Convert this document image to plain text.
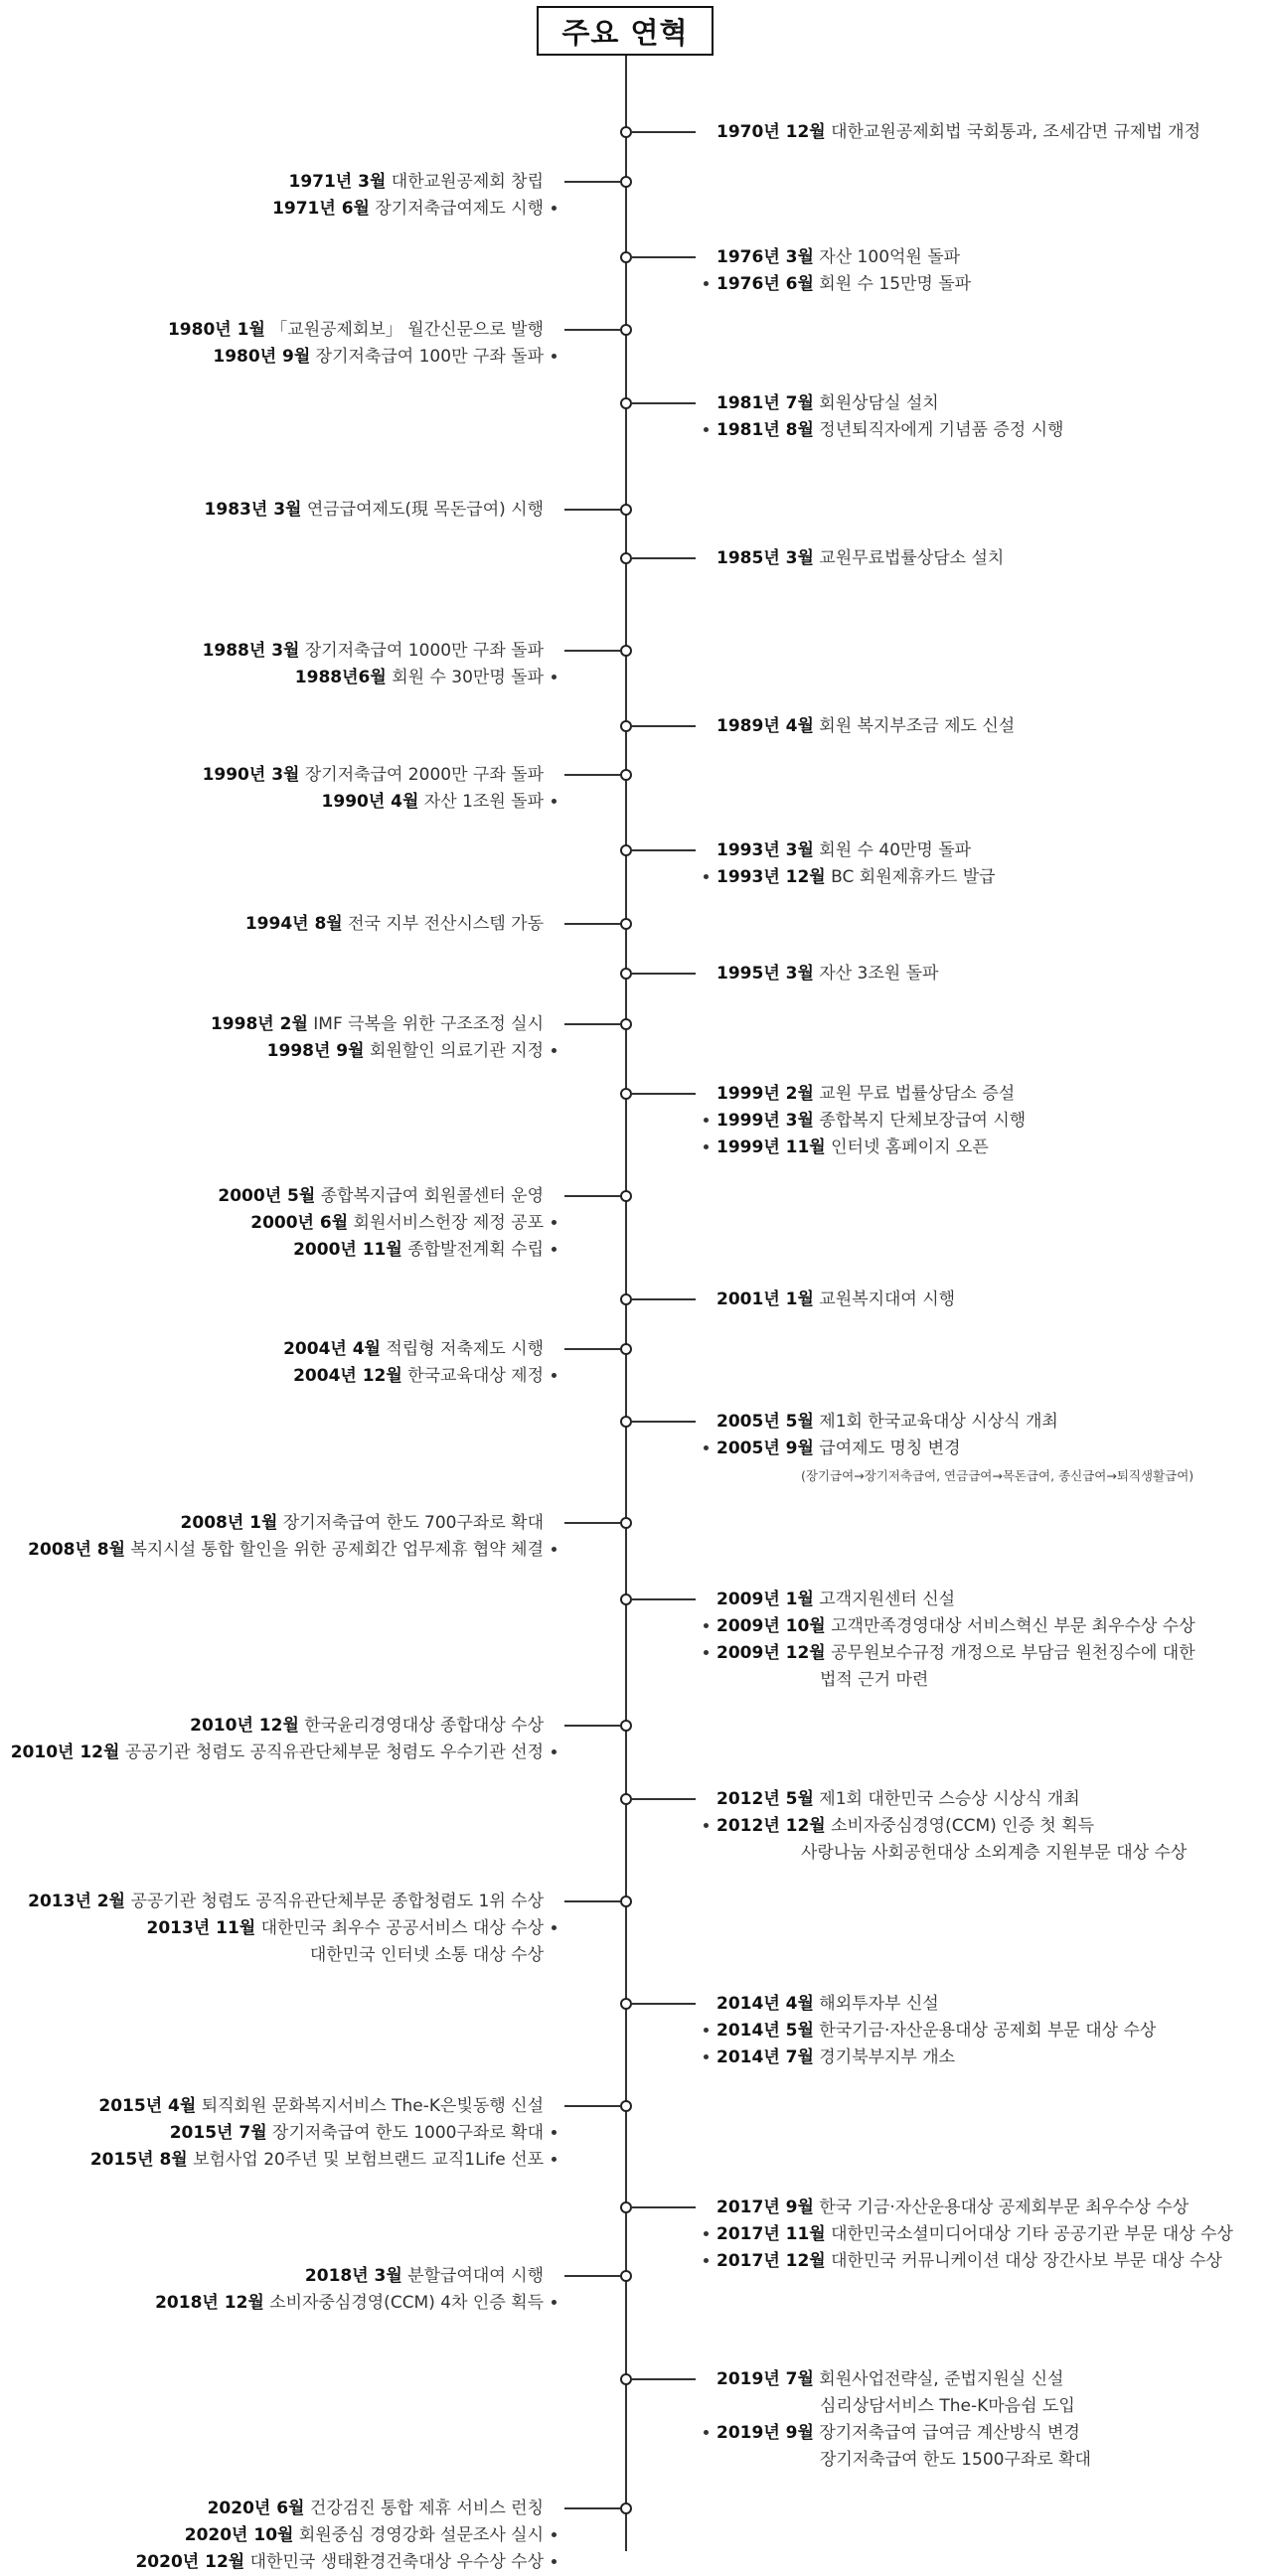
주요 연혁
1970년 12월 대한교원공제회법 국회통과, 조세감면 규제법 개정
1971년 3월 대한교원공제회 창립
1971년 6월 장기저축급여제도 시행
1976년 3월 자산 100억원 돌파
1976년 6월 회원 수 15만명 돌파
1980년 1월 「교원공제회보」 월간신문으로 발행
1980년 9월 장기저축급여 100만 구좌 돌파
1981년 7월 회원상담실 설치
1981년 8월 정년퇴직자에게 기념품 증정 시행
1983년 3월 연금급여제도(現 목돈급여) 시행
1985년 3월 교원무료법률상담소 설치
1988년 3월 장기저축급여 1000만 구좌 돌파
1988년6월 회원 수 30만명 돌파
1989년 4월 회원 복지부조금 제도 신설
1990년 3월 장기저축급여 2000만 구좌 돌파
1990년 4월 자산 1조원 돌파
1993년 3월 회원 수 40만명 돌파
1993년 12월 BC 회원제휴카드 발급
1994년 8월 전국 지부 전산시스템 가동
1995년 3월 자산 3조원 돌파
1998년 2월 IMF 극복을 위한 구조조정 실시
1998년 9월 회원할인 의료기관 지정
1999년 2월 교원 무료 법률상담소 증설
1999년 3월 종합복지 단체보장급여 시행
1999년 11월 인터넷 홈페이지 오픈
2000년 5월 종합복지급여 회원콜센터 운영
2000년 6월 회원서비스헌장 제정 공포
2000년 11월 종합발전계획 수립
2001년 1월 교원복지대여 시행
2004년 4월 적립형 저축제도 시행
2004년 12월 한국교육대상 제정
2005년 5월 제1회 한국교육대상 시상식 개최
2005년 9월 급여제도 명칭 변경
(장기급여→장기저축급여, 연금급여→목돈급여, 종신급여→퇴직생활급여)
2008년 1월 장기저축급여 한도 700구좌로 확대
2008년 8월 복지시설 통합 할인을 위한 공제회간 업무제휴 협약 체결
2009년 1월 고객지원센터 신설
2009년 10월 고객만족경영대상 서비스혁신 부문 최우수상 수상
2009년 12월 공무원보수규정 개정으로 부담금 원천징수에 대한
법적 근거 마련
2010년 12월 한국윤리경영대상 종합대상 수상
2010년 12월 공공기관 청렴도 공직유관단체부문 청렴도 우수기관 선정
2012년 5월 제1회 대한민국 스승상 시상식 개최
2012년 12월 소비자중심경영(CCM) 인증 첫 획득
사랑나눔 사회공헌대상 소외계층 지원부문 대상 수상
2013년 2월 공공기관 청렴도 공직유관단체부문 종합청렴도 1위 수상
2013년 11월 대한민국 최우수 공공서비스 대상 수상
대한민국 인터넷 소통 대상 수상
2014년 4월 해외투자부 신설
2014년 5월 한국기금·자산운용대상 공제회 부문 대상 수상
2014년 7월 경기북부지부 개소
2015년 4월 퇴직회원 문화복지서비스 The-K은빛동행 신설
2015년 7월 장기저축급여 한도 1000구좌로 확대
2015년 8월 보험사업 20주년 및 보험브랜드 교직1Life 선포
2017년 9월 한국 기금·자산운용대상 공제회부문 최우수상 수상
2017년 11월 대한민국소셜미디어대상 기타 공공기관 부문 대상 수상
2017년 12월 대한민국 커뮤니케이션 대상 장간사보 부문 대상 수상
2018년 3월 분할급여대여 시행
2018년 12월 소비자중심경영(CCM) 4차 인증 획득
2019년 7월 회원사업전략실, 준법지원실 신설
심리상담서비스 The-K마음쉼 도입
2019년 9월 장기저축급여 급여금 계산방식 변경
장기저축급여 한도 1500구좌로 확대
2020년 6월 건강검진 통합 제휴 서비스 런칭
2020년 10월 회원중심 경영강화 설문조사 실시
2020년 12월 대한민국 생태환경건축대상 우수상 수상
